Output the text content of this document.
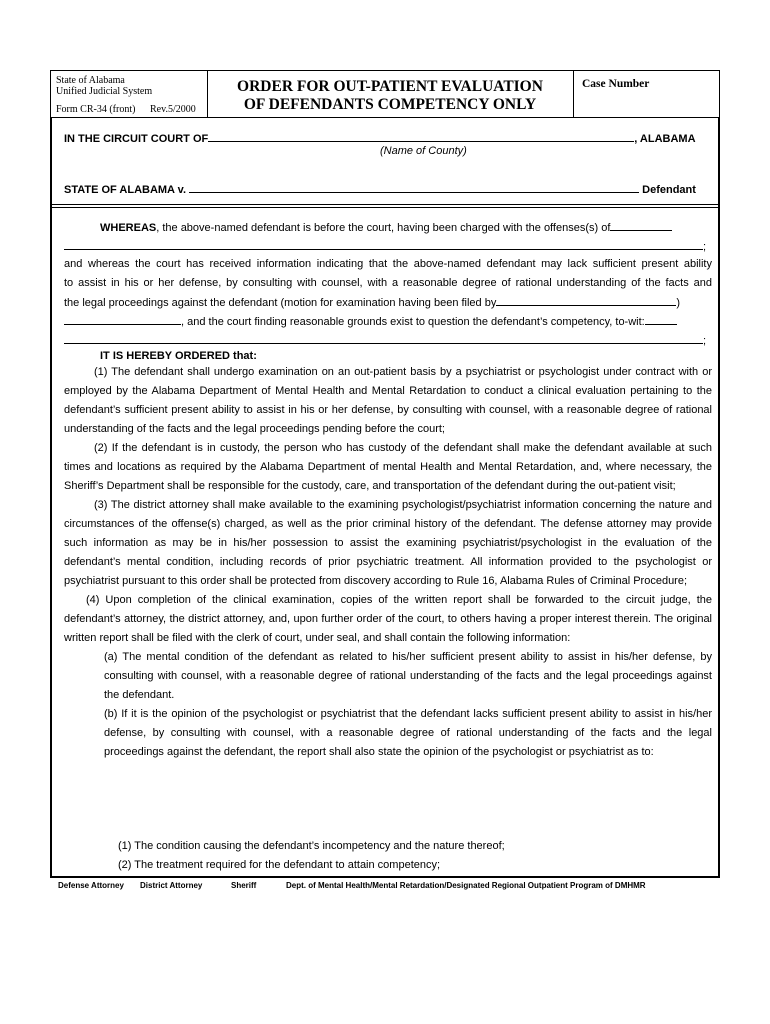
State of Alabama
Unified Judicial System
Form CR-34 (front) Rev.5/2000
ORDER FOR OUT-PATIENT EVALUATION
OF DEFENDANTS COMPETENCY ONLY
Case Number
IN THE CIRCUIT COURT OF	, ALABAMA
(Name of County)
STATE OF ALABAMA v.	Defendant
WHEREAS, the above-named defendant is before the court, having been charged with the offenses(s) of
;
and whereas the court has received information indicating that the above-named defendant may lack sufficient present ability
to assist in his or her defense, by consulting with counsel, with a reasonable degree of rational understanding of the facts and
the legal proceedings against the defendant (motion for examination having been filed by	)
, and the court finding reasonable grounds exist to question the defendant’s competency, to-wit:
;
IT IS HEREBY ORDERED that:

(1) The defendant shall undergo examination on an out-patient basis by a psychiatrist or psychologist under contract with or employed by the Alabama Department of Mental Health and Mental Retardation to conduct a clinical evaluation pertaining to the defendant’s sufficient present ability to assist in his or her defense, by consulting with counsel, with a reasonable degree of rational understanding of the facts and the legal proceedings pending before the court;

(2) If the defendant is in custody, the person who has custody of the defendant shall make the defendant available at such times and locations as required by the Alabama Department of mental Health and Mental Retardation, and, where necessary, the Sheriff’s Department shall be responsible for the custody, care, and transportation of the defendant during the out-patient visit;

(3) The district attorney shall make available to the examining psychologist/psychiatrist information concerning the nature and circumstances of the offense(s) charged, as well as the prior criminal history of the defendant. The defense attorney may provide such information as may be in his/her possession to assist the examining psychiatrist/psychologist in the evaluation of the defendant’s mental condition, including records of prior psychiatric treatment. All information provided to the psychologist or psychiatrist pursuant to this order shall be protected from discovery according to Rule 16, Alabama Rules of Criminal Procedure;

(4) Upon completion of the clinical examination, copies of the written report shall be forwarded to the circuit judge, the defendant’s attorney, the district attorney, and, upon further order of the court, to others having a proper interest therein. The original written report shall be filed with the clerk of court, under seal, and shall contain the following information:

(a) The mental condition of the defendant as related to his/her sufficient present ability to assist in his/her defense, by consulting with counsel, with a reasonable degree of rational understanding of the facts and the legal proceedings against the defendant.

(b) If it is the opinion of the psychologist or psychiatrist that the defendant lacks sufficient present ability to assist in his/her defense, by consulting with counsel, with a reasonable degree of rational understanding of the facts and the legal proceedings against the defendant, the report shall also state the opinion of the psychologist or psychiatrist as to:

(1) The condition causing the defendant’s incompetency and the nature thereof;
(2) The treatment required for the defendant to attain competency;
Defense Attorney District Attorney	Sheriff	Dept. of Mental Health/Mental Retardation/Designated Regional Outpatient Program of DMHMR
